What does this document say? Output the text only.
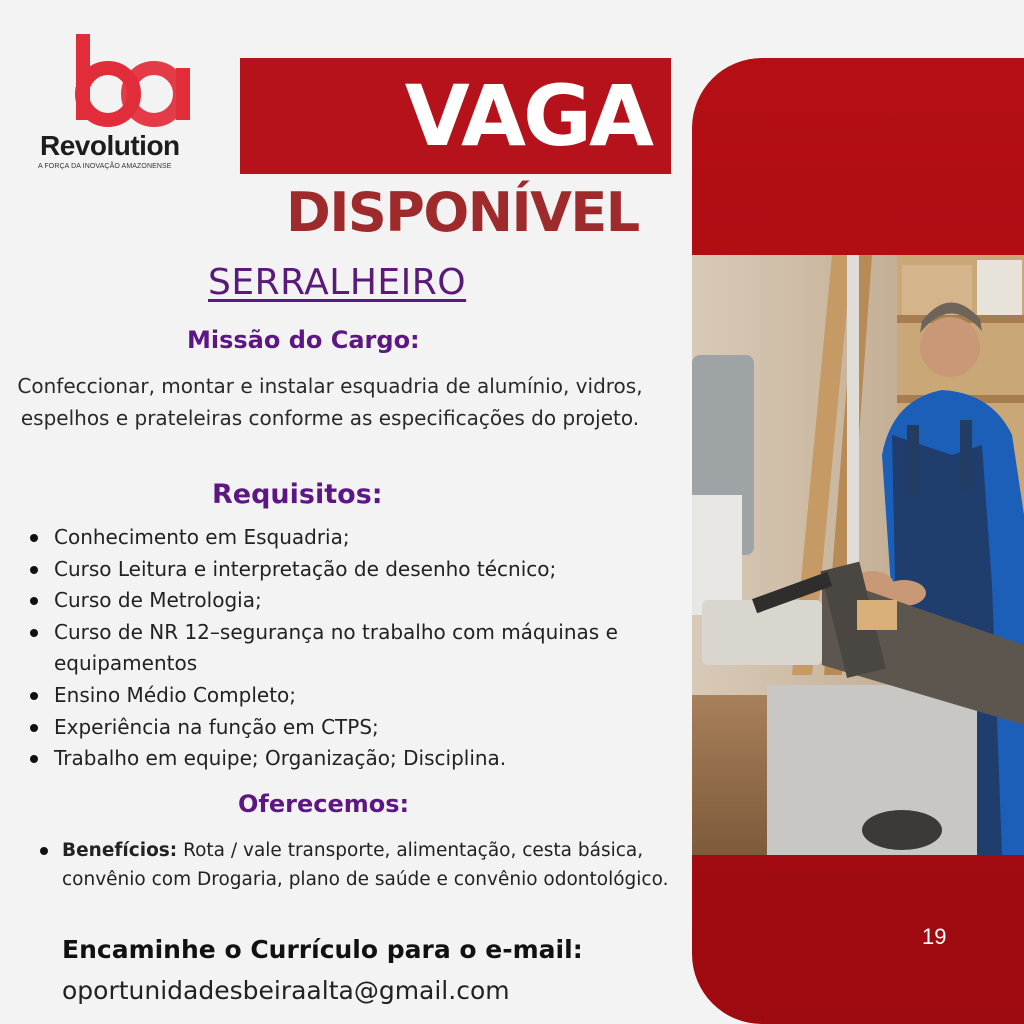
Revolution
A FORÇA DA INOVAÇÃO AMAZONENSE
VAGA
DISPONÍVEL
19
SERRALHEIRO
Missão do Cargo:
Confeccionar, montar e instalar esquadria de alumínio, vidros, espelhos e prateleiras conforme as especificações do projeto.
Requisitos:
Conhecimento em Esquadria;
Curso Leitura e interpretação de desenho técnico;
Curso de Metrologia;
Curso de NR 12–segurança no trabalho com máquinas e equipamentos
Ensino Médio Completo;
Experiência na função em CTPS;
Trabalho em equipe; Organização; Disciplina.
Oferecemos:
Benefícios: Rota / vale transporte, alimentação, cesta básica, convênio com Drogaria, plano de saúde e convênio odontológico.
Encaminhe o Currículo para o e-mail:
oportunidadesbeiraalta@gmail.com
